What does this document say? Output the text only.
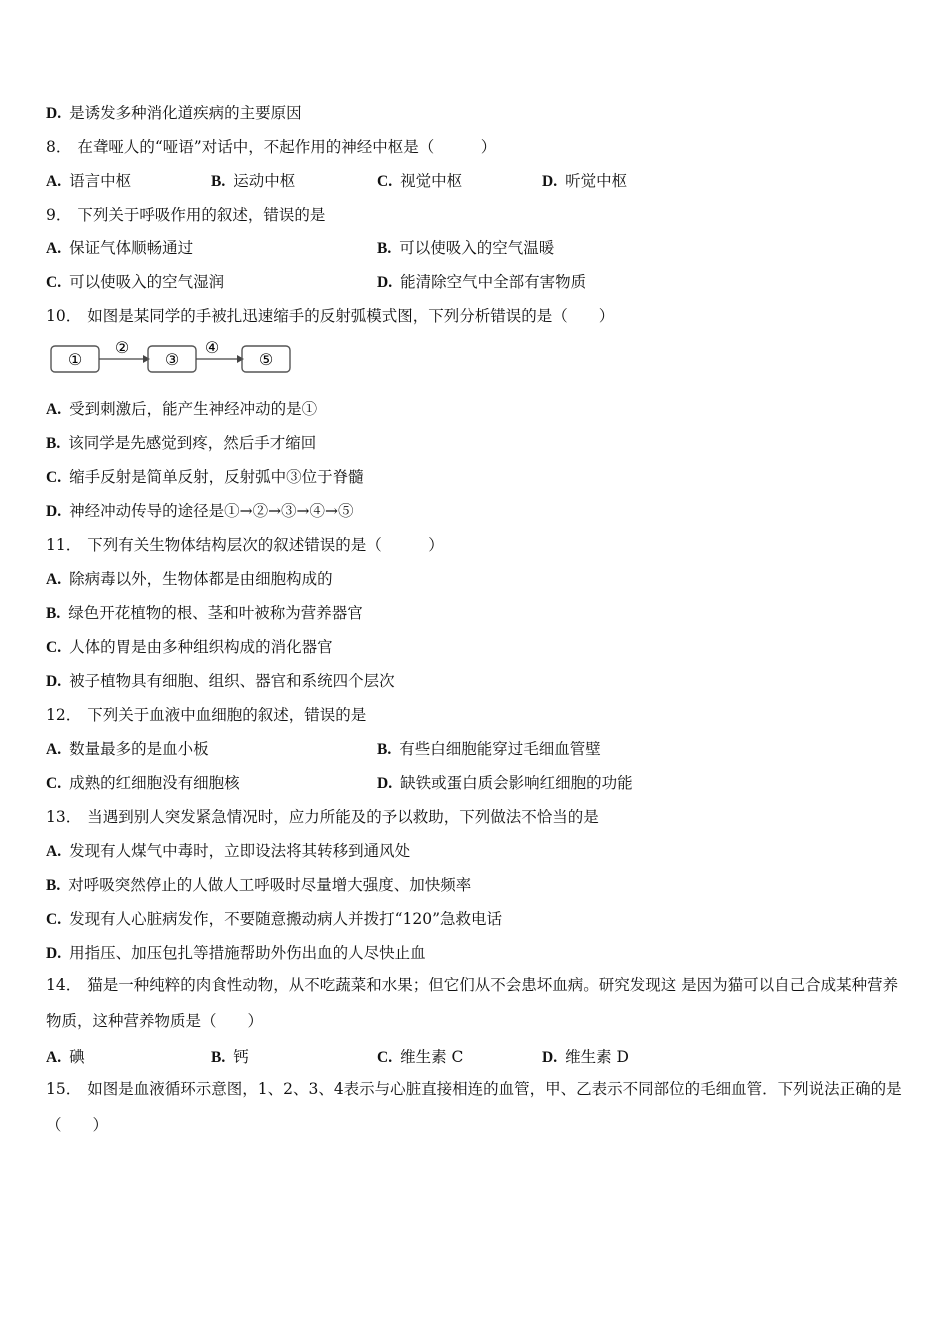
D. 是诱发多种消化道疾病的主要原因
8． 在聋哑人的“哑语”对话中，不起作用的神经中枢是（　　　）
A. 语言中枢	B. 运动中枢	C. 视觉中枢	D. 听觉中枢
9． 下列关于呼吸作用的叙述，错误的是
A. 保证气体顺畅通过	B. 可以使吸入的空气温暖
C. 可以使吸入的空气湿润	D. 能清除空气中全部有害物质
10． 如图是某同学的手被扎迅速缩手的反射弧模式图，下列分析错误的是（　　）
①
②
③
④
⑤
A. 受到刺激后，能产生神经冲动的是①
B. 该同学是先感觉到疼，然后手才缩回
C. 缩手反射是简单反射，反射弧中③位于脊髓
D. 神经冲动传导的途径是①→②→③→④→⑤
11． 下列有关生物体结构层次的叙述错误的是（　　　）
A. 除病毒以外，生物体都是由细胞构成的
B. 绿色开花植物的根、茎和叶被称为营养器官
C. 人体的胃是由多种组织构成的消化器官
D. 被子植物具有细胞、组织、器官和系统四个层次
12． 下列关于血液中血细胞的叙述，错误的是
A. 数量最多的是血小板	B. 有些白细胞能穿过毛细血管壁
C. 成熟的红细胞没有细胞核	D. 缺铁或蛋白质会影响红细胞的功能
13． 当遇到别人突发紧急情况时，应力所能及的予以救助，下列做法不恰当的是
A. 发现有人煤气中毒时，立即设法将其转移到通风处
B. 对呼吸突然停止的人做人工呼吸时尽量增大强度、加快频率
C. 发现有人心脏病发作，不要随意搬动病人并拨打“120”急救电话
D. 用指压、加压包扎等措施帮助外伤出血的人尽快止血
14． 猫是一种纯粹的肉食性动物，从不吃蔬菜和水果；但它们从不会患坏血病。研究发现这 是因为猫可以自己合成某种营养物质，这种营养物质是（　　）
A. 碘	B. 钙	C. 维生素 C	D. 维生素 D
15． 如图是血液循环示意图，1、2、3、4表示与心脏直接相连的血管，甲、乙表示不同部位的毛细血管．下列说法正确的是（　　）
